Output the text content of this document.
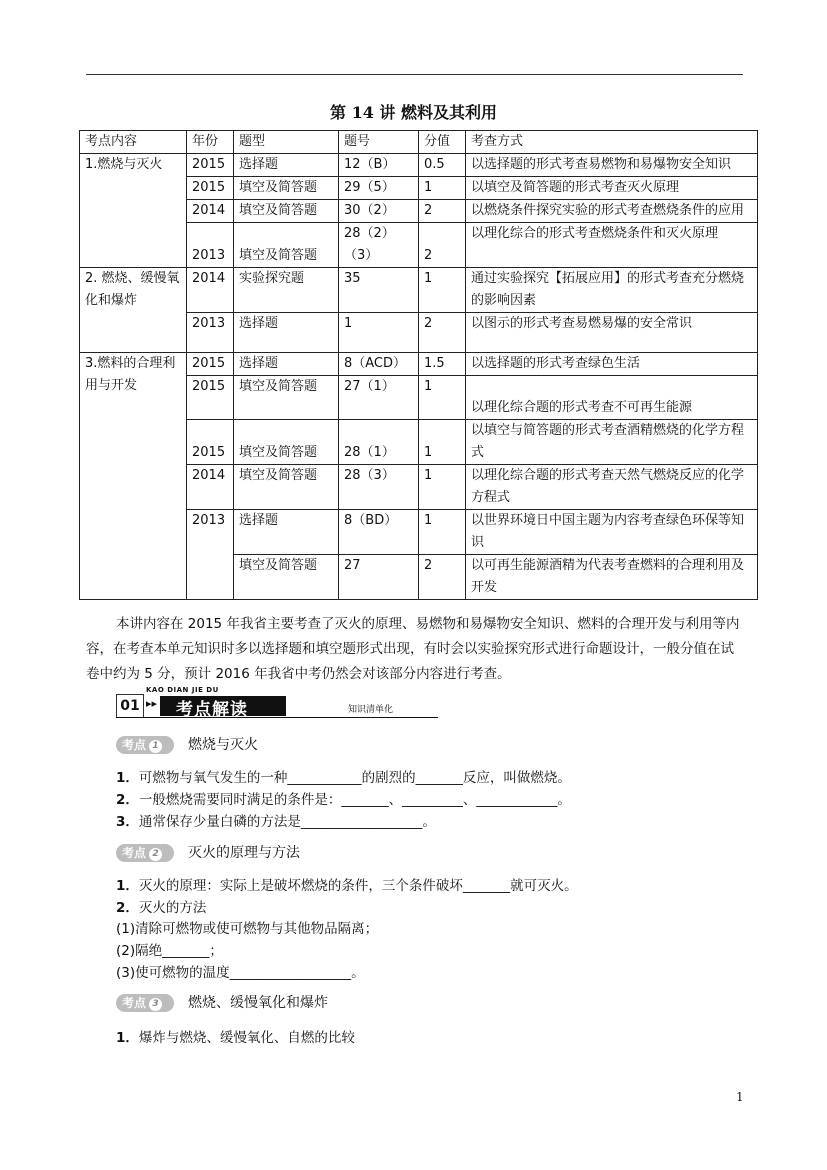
第 14 讲 燃料及其利用
考点内容	年份	题型	题号	分值	考查方式
1.燃烧与灭火	2015	选择题	12（B）	0.5	以选择题的形式考查易燃物和易爆物安全知识
	2015	填空及简答题	29（5）	1	以填空及简答题的形式考查灭火原理
	2014	填空及简答题	30（2）	2	以燃烧条件探究实验的形式考查燃烧条件的应用
	2013	填空及简答题	28（2）（3）	2	以理化综合的形式考查燃烧条件和灭火原理
2. 燃烧、缓慢氧化和爆炸	2014	实验探究题	35	1	通过实验探究【拓展应用】的形式考查充分燃烧的影响因素
	2013	选择题	1	2	以图示的形式考查易燃易爆的安全常识
3.燃料的合理利用与开发	2015	选择题	8（ACD）	1.5	以选择题的形式考查绿色生活
	2015	填空及简答题	27（1）	1	以理化综合题的形式考查不可再生能源
	2015	填空及简答题	28（1）	1	以填空与简答题的形式考查酒精燃烧的化学方程式
	2014	填空及简答题	28（3）	1	以理化综合题的形式考查天然气燃烧反应的化学方程式
	2013	选择题	8（BD）	1	以世界环境日中国主题为内容考查绿色环保等知识
		填空及简答题	27	2	以可再生能源酒精为代表考查燃料的合理利用及开发
本讲内容在 2015 年我省主要考查了灭火的原理、易燃物和易爆物安全知识、燃料的合理开发与利用等内容，在考查本单元知识时多以选择题和填空题形式出现，有时会以实验探究形式进行命题设计，一般分值在试卷中约为 5 分，预计 2016 年我省中考仍然会对该部分内容进行考查。
KAO DIAN JIE DU
01 ▸▸ 考点解读	知识清单化
考点 1	燃烧与灭火
1．可燃物与氧气发生的一种___________的剧烈的_______反应，叫做燃烧。
2．一般燃烧需要同时满足的条件是：_______、_________、____________。
3．通常保存少量白磷的方法是__________________。
考点 2	灭火的原理与方法
1．灭火的原理：实际上是破坏燃烧的条件，三个条件破坏_______就可灭火。
2．灭火的方法
(1)清除可燃物或使可燃物与其他物品隔离；
(2)隔绝_______；
(3)使可燃物的温度__________________。
考点 3	燃烧、缓慢氧化和爆炸
1．爆炸与燃烧、缓慢氧化、自燃的比较
1
